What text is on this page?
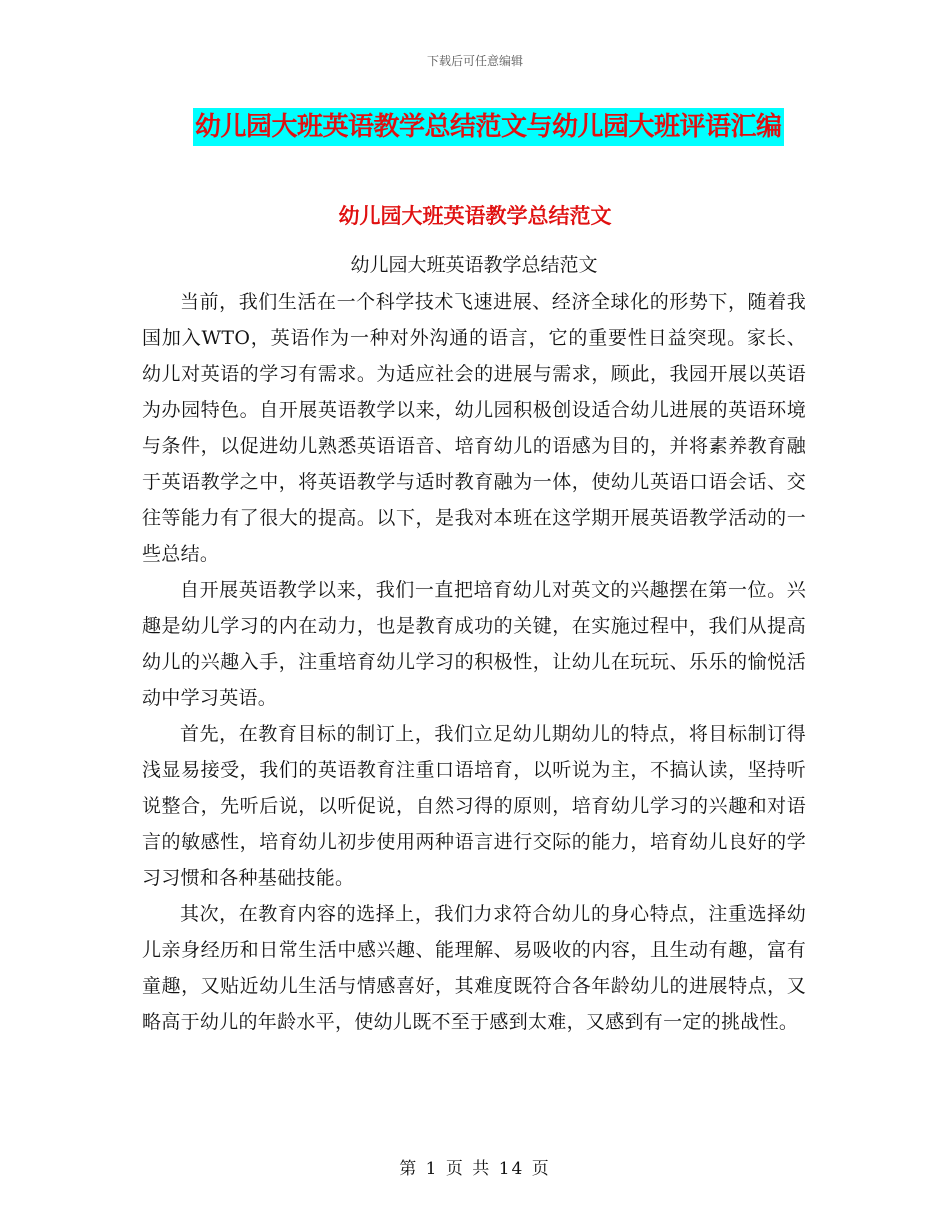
下载后可任意编辑
幼儿园大班英语教学总结范文与幼儿园大班评语汇编
幼儿园大班英语教学总结范文
幼儿园大班英语教学总结范文

当前，我们生活在一个科学技术飞速进展、经济全球化的形势下，随着我国加入WTO，英语作为一种对外沟通的语言，它的重要性日益突现。家长、幼儿对英语的学习有需求。为适应社会的进展与需求，顾此，我园开展以英语为办园特色。自开展英语教学以来，幼儿园积极创设适合幼儿进展的英语环境与条件，以促进幼儿熟悉英语语音、培育幼儿的语感为目的，并将素养教育融于英语教学之中，将英语教学与适时教育融为一体，使幼儿英语口语会话、交往等能力有了很大的提高。以下，是我对本班在这学期开展英语教学活动的一些总结。

自开展英语教学以来，我们一直把培育幼儿对英文的兴趣摆在第一位。兴趣是幼儿学习的内在动力，也是教育成功的关键，在实施过程中，我们从提高幼儿的兴趣入手，注重培育幼儿学习的积极性，让幼儿在玩玩、乐乐的愉悦活动中学习英语。

首先，在教育目标的制订上，我们立足幼儿期幼儿的特点，将目标制订得浅显易接受，我们的英语教育注重口语培育，以听说为主，不搞认读，坚持听说整合，先听后说，以听促说，自然习得的原则，培育幼儿学习的兴趣和对语言的敏感性，培育幼儿初步使用两种语言进行交际的能力，培育幼儿良好的学习习惯和各种基础技能。

其次，在教育内容的选择上，我们力求符合幼儿的身心特点，注重选择幼儿亲身经历和日常生活中感兴趣、能理解、易吸收的内容，且生动有趣，富有童趣，又贴近幼儿生活与情感喜好，其难度既符合各年龄幼儿的进展特点，又略高于幼儿的年龄水平，使幼儿既不至于感到太难，又感到有一定的挑战性。

第 1 页 共 14 页
